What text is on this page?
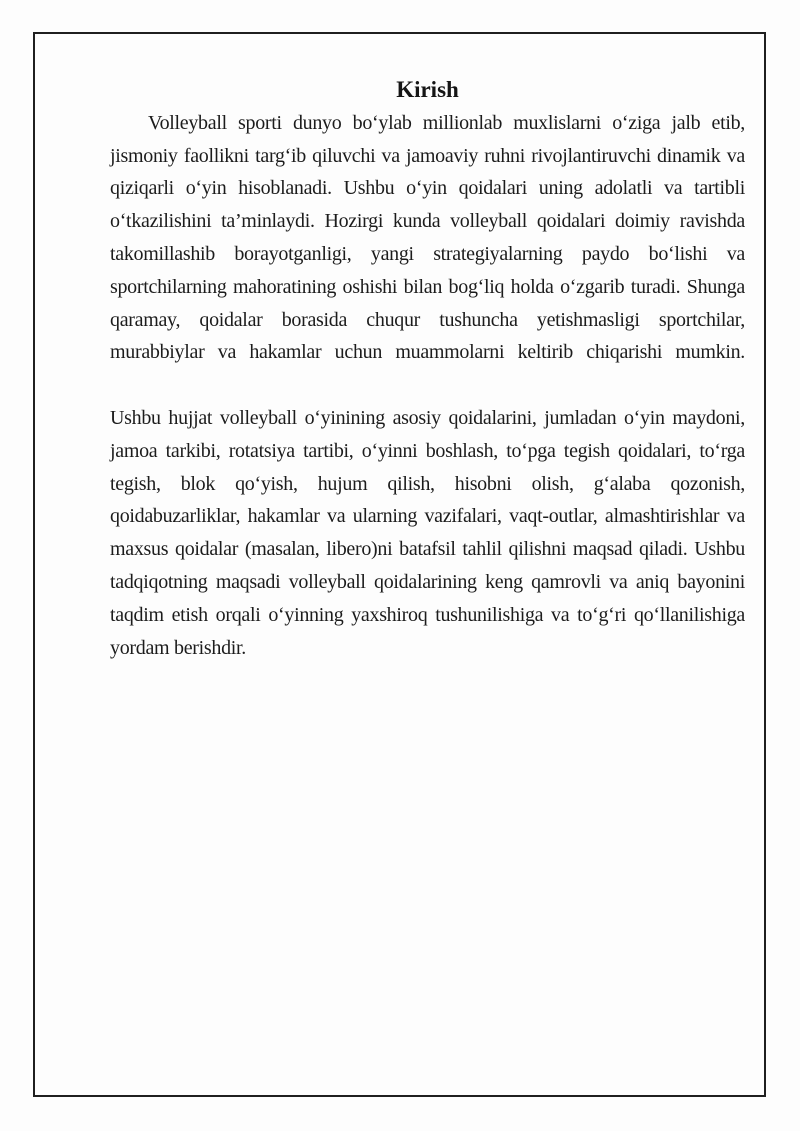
Kirish
Volleyball sporti dunyo bo‘ylab millionlab muxlislarni o‘ziga jalb etib,
jismoniy faollikni targ‘ib qiluvchi va jamoaviy ruhni rivojlantiruvchi dinamik va
qiziqarli o‘yin hisoblanadi. Ushbu o‘yin qoidalari uning adolatli va tartibli
o‘tkazilishini ta’minlaydi. Hozirgi kunda volleyball qoidalari doimiy ravishda
takomillashib borayotganligi, yangi strategiyalarning paydo bo‘lishi va
sportchilarning mahoratining oshishi bilan bog‘liq holda o‘zgarib turadi. Shunga
qaramay, qoidalar borasida chuqur tushuncha yetishmasligi sportchilar,
murabbiylar va hakamlar uchun muammolarni keltirib chiqarishi mumkin.
Ushbu hujjat volleyball o‘yinining asosiy qoidalarini, jumladan o‘yin maydoni,
jamoa tarkibi, rotatsiya tartibi, o‘yinni boshlash, to‘pga tegish qoidalari, to‘rga
tegish, blok qo‘yish, hujum qilish, hisobni olish, g‘alaba qozonish,
qoidabuzarliklar, hakamlar va ularning vazifalari, vaqt-outlar, almashtirishlar va
maxsus qoidalar (masalan, libero)ni batafsil tahlil qilishni maqsad qiladi. Ushbu
tadqiqotning maqsadi volleyball qoidalarining keng qamrovli va aniq bayonini
taqdim etish orqali o‘yinning yaxshiroq tushunilishiga va to‘g‘ri qo‘llanilishiga
yordam berishdir.
